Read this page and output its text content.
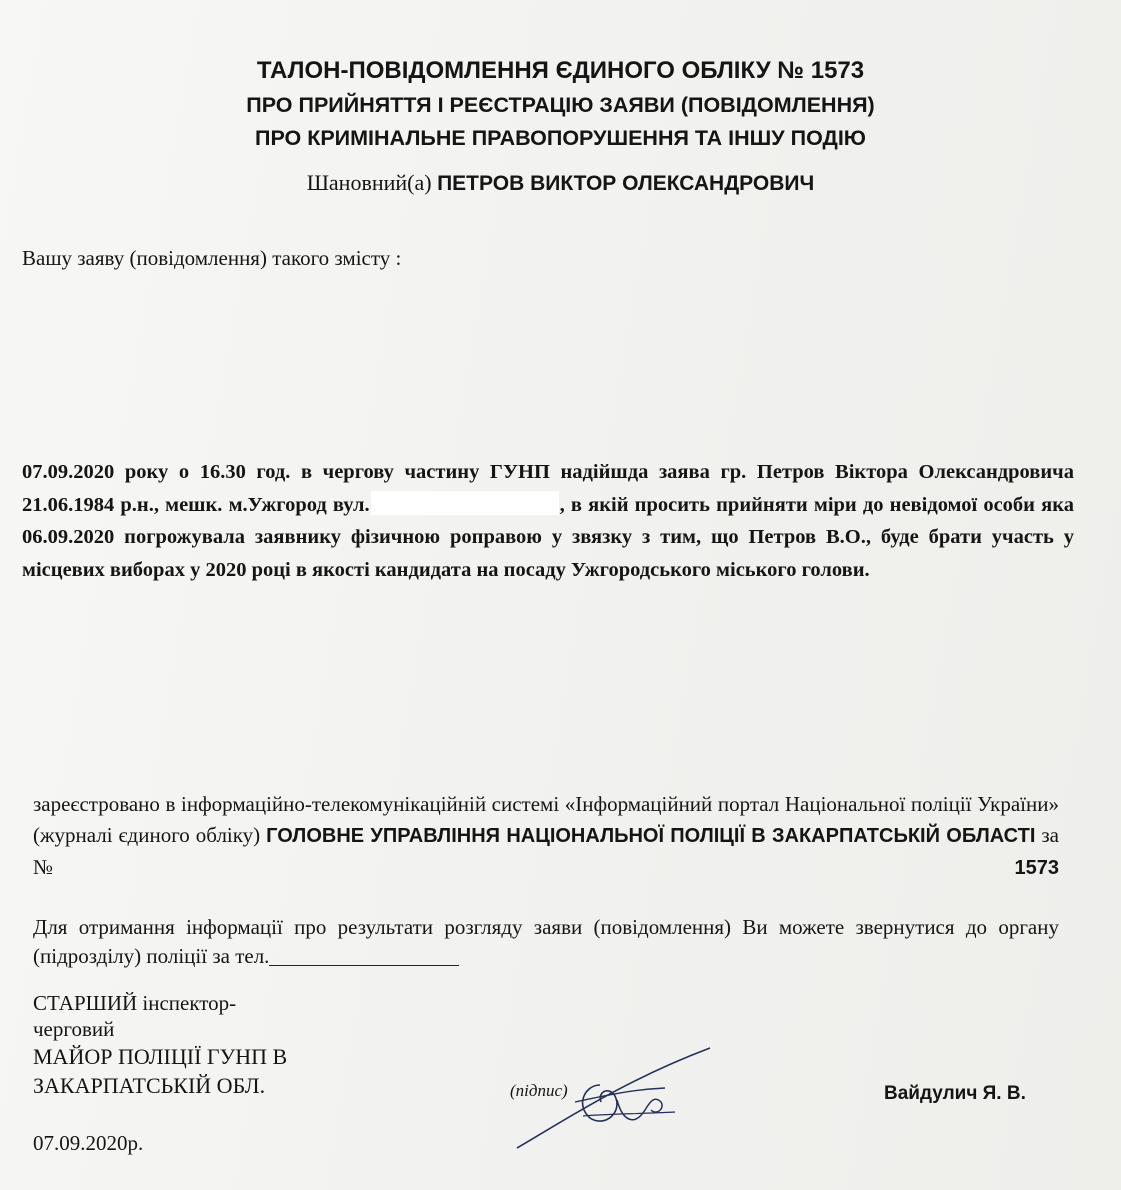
ТАЛОН-ПОВІДОМЛЕННЯ ЄДИНОГО ОБЛІКУ № 1573
ПРО ПРИЙНЯТТЯ І РЕЄСТРАЦІЮ ЗАЯВИ (ПОВІДОМЛЕННЯ)
ПРО КРИМІНАЛЬНЕ ПРАВОПОРУШЕННЯ ТА ІНШУ ПОДІЮ
Шановний(а) ПЕТРОВ ВИКТОР ОЛЕКСАНДРОВИЧ
Вашу заяву (повідомлення) такого змісту :
07.09.2020 року о 16.30 год. в чергову частину ГУНП надійшда заява гр. Петров Віктора Олександровича 21.06.1984 р.н., мешк. м.Ужгород вул.	, в якій просить прийняти міри до невідомої особи яка 06.09.2020 погрожувала заявнику фізичною роправою у звязку з тим, що Петров В.О., буде брати участь у місцевих виборах у 2020 році в якості кандидата на посаду Ужгородського міського голови.
зареєстровано в інформаційно-телекомунікаційній системі «Інформаційний портал Національної поліції України» (журналі єдиного обліку) ГОЛОВНЕ УПРАВЛІННЯ НАЦІОНАЛЬНОЇ ПОЛІЦІЇ В ЗАКАРПАТСЬКІЙ ОБЛАСТІ за №	1573
Для отримання інформації про результати розгляду заяви (повідомлення) Ви можете звернутися до органу (підрозділу) поліції за тел.
СТАРШИЙ інспектор-
черговий
МАЙОР ПОЛІЦІЇ ГУНП В
ЗАКАРПАТСЬКІЙ ОБЛ.	(підпис)	Вайдулич Я. В.
07.09.2020р.
